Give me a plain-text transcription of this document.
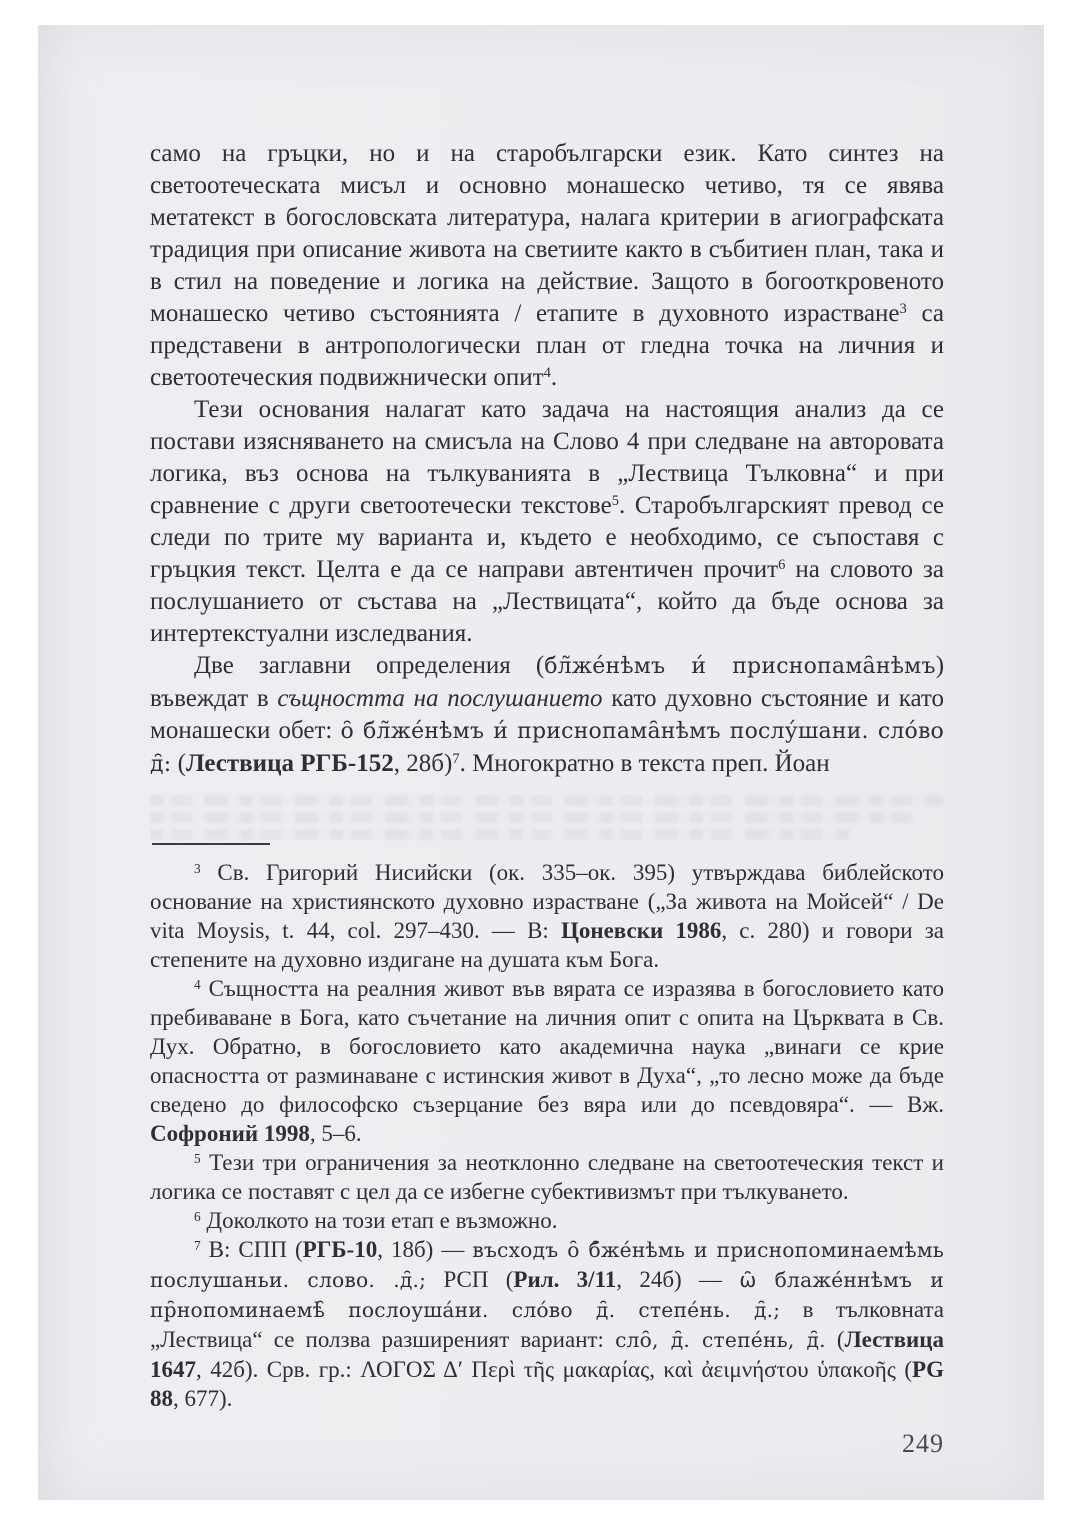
само на гръцки, но и на старобългарски език. Като синтез на светоотеческата мисъл и основно монашеско четиво, тя се явява метатекст в богословската литература, налага критерии в агиографската традиция при описание живота на светиите както в събитиен план, така и в стил на поведение и логика на действие. Защото в богооткровеното монашеско четиво състоянията / етапите в духовното израстване$^3$ са представени в антропологически план от гледна точка на личния и светоотеческия подвижнически опит$^4$.

Тези основания налагат като задача на настоящия анализ да се постави изясняването на смисъла на Слово 4 при следване на авторовата логика, въз основа на тълкуванията в „Лествица Тълковна“ и при сравнение с други светоотечески текстове$^5$. Старобългарският превод се следи по трите му варианта и, където е необходимо, се съпоставя с гръцкия текст. Целта е да се направи автентичен прочит$^6$ на словото за послушанието от състава на „Лествицата“, който да бъде основа за интертекстуални изследвания.

Две заглавни определения (бл̃же́нѣмъ и́ приснопама̑нѣмъ) въвеждат в същността на послушанието като духовно състояние и като монашески обет: о̑ бл̃же́нѣмъ и́ приснопама̑нѣмъ послу́шани. сло́во д̑: (Лествица РГБ-152, 28б)$^7$. Многократно в текста преп. Йоан

$^3$ Св. Григорий Нисийски (ок. 335–ок. 395) утвърждава библейското основание на християнското духовно израстване („За живота на Мойсей“ / De vita Moysis, t. 44, col. 297–430. — В: Цоневски 1986, с. 280) и говори за степените на духовно издигане на душата към Бога.

$^4$ Същността на реалния живот във вярата се изразява в богословието като пребиваване в Бога, като съчетание на личния опит с опита на Църквата в Св. Дух. Обратно, в богословието като академична наука „винаги се крие опасността от разминаване с истинския живот в Духа“, „то лесно може да бъде сведено до философско съзерцание без вяра или до псевдовяра“. — Вж. Софроний 1998, 5–6.

$^5$ Тези три ограничения за неотклонно следване на светоотеческия текст и логика се поставят с цел да се избегне субективизмът при тълкуването.

$^6$ Доколкото на този етап е възможно.

$^7$ В: СПП (РГБ-10, 18б) — въсходъ о̑ б̑же́нѣмь и приснопоминаемѣмь послушаньи. слово. .д̑.; РСП (Рил. 3/11, 24б) — ѡ̑ блаже́ннѣмъ и пр̑нопоминаемѣ̑ послоуша́ни. сло́во д̑. степе́нь. д̑.; в тълковната „Лествица“ се ползва разширеният вариант: сло̑, д̑. степе́нь, д̑. (Лествица 1647, 42б). Срв. гр.: ΛΟΓΟΣ Δ′ Περὶ τῆς μακαρίας, καὶ ἀειμνήστου ὑπακοῆς (PG 88, 677).

249
